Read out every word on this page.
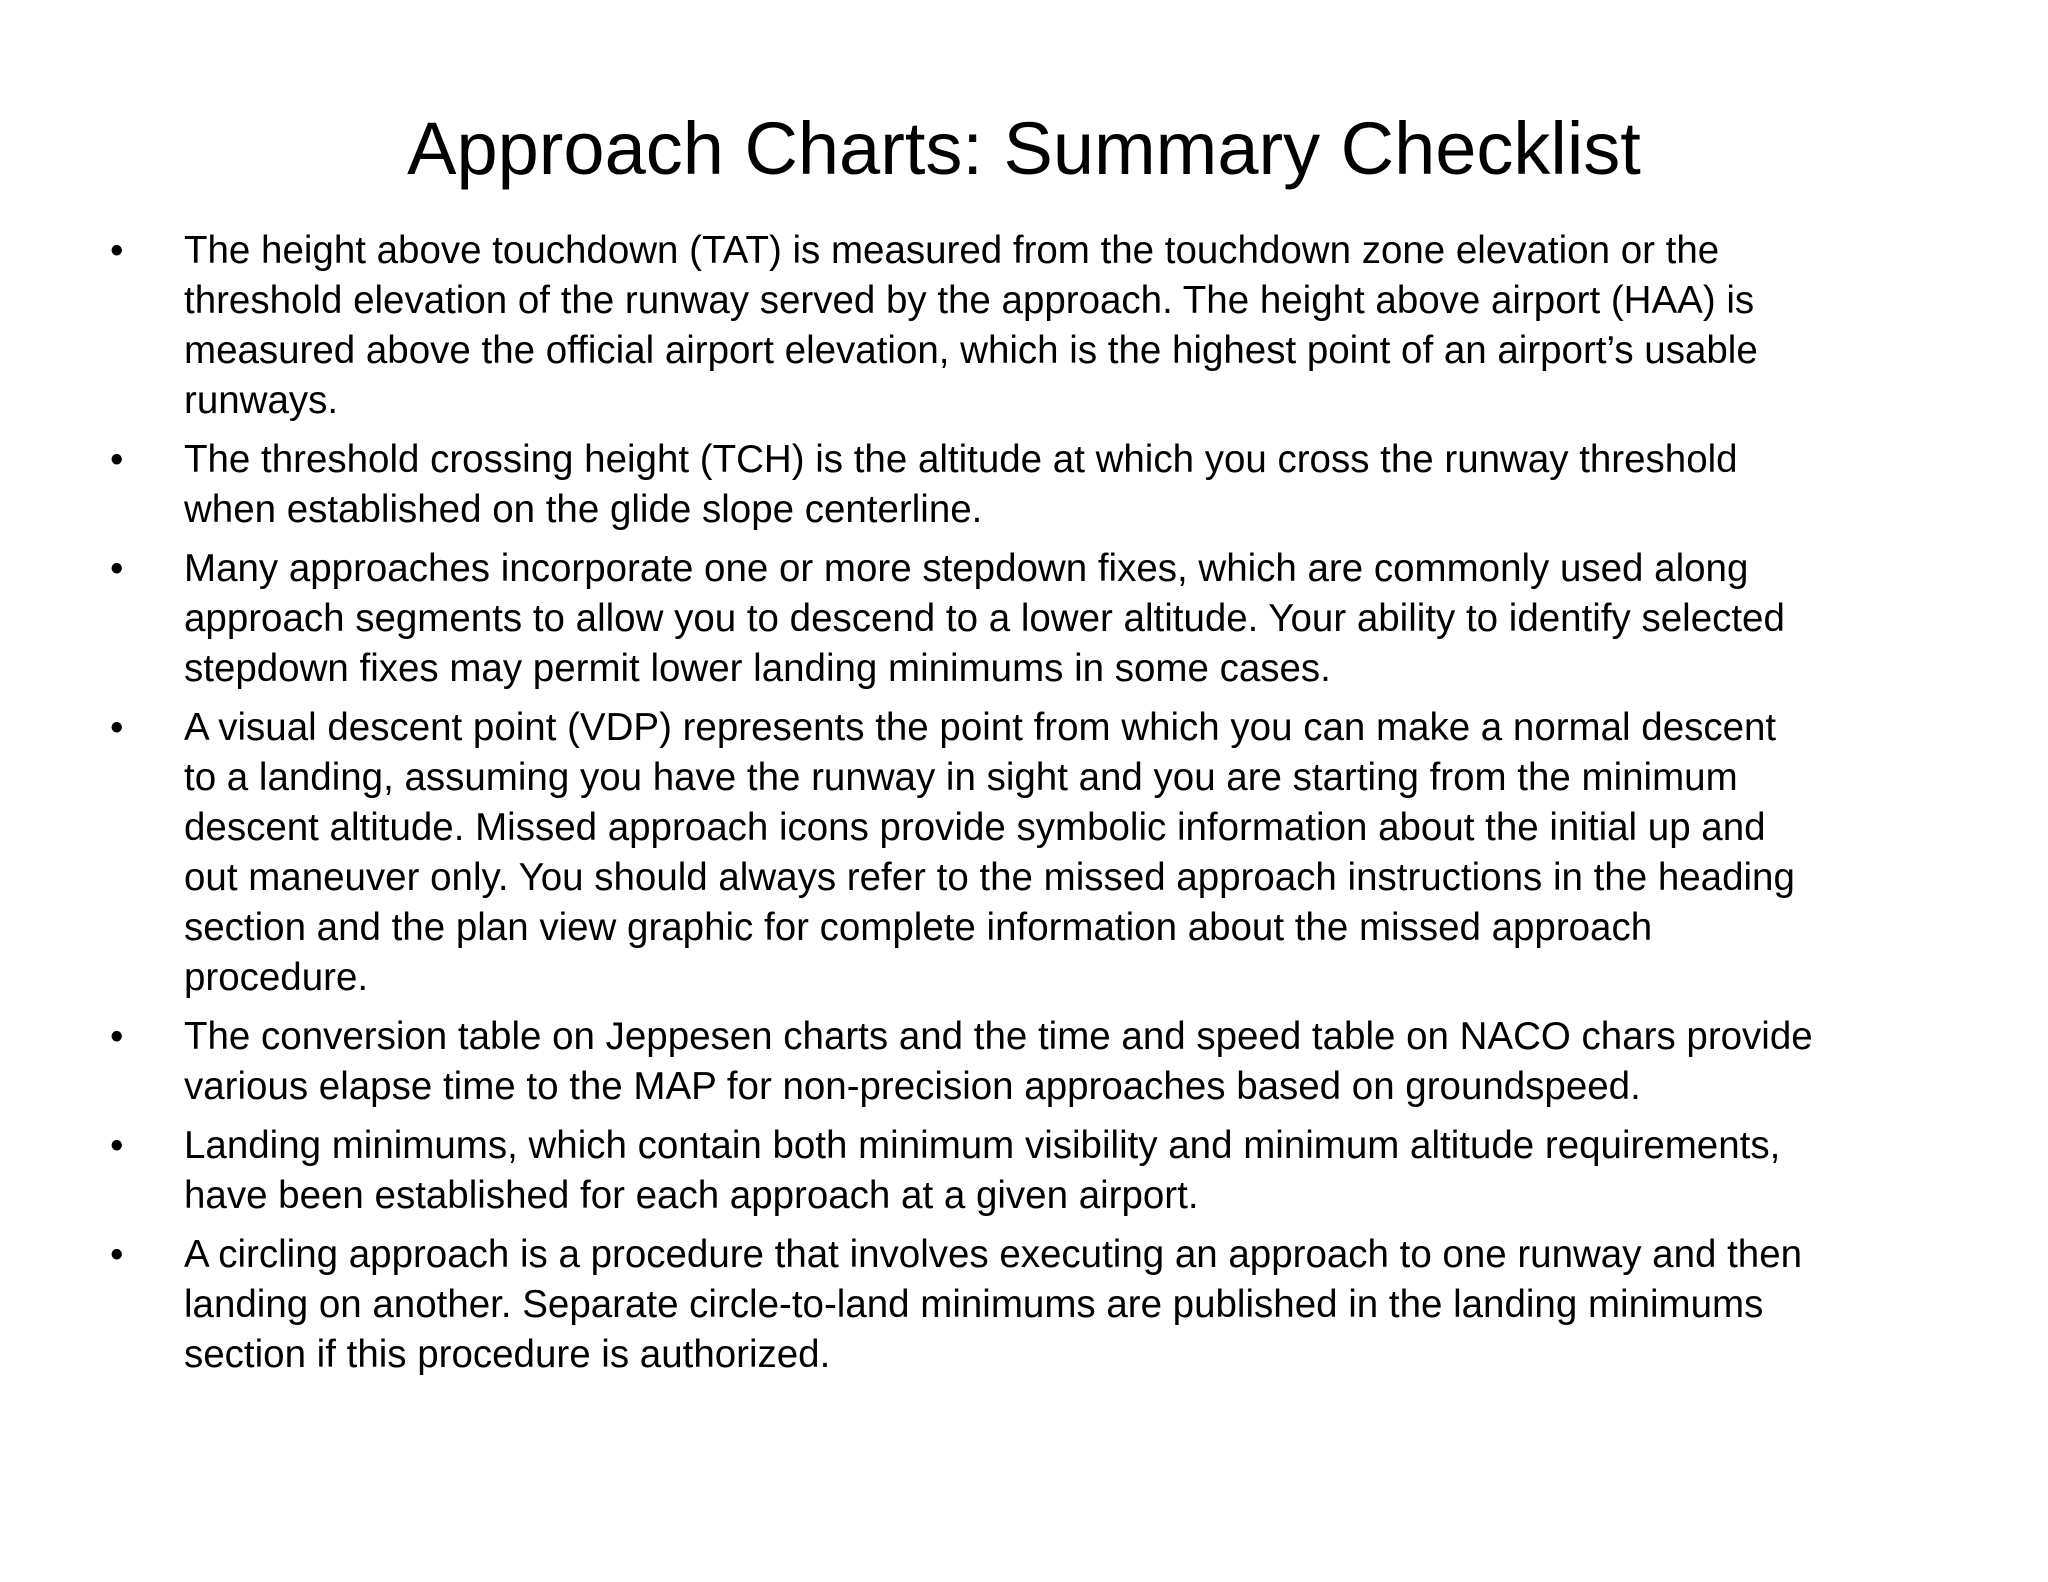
Approach Charts: Summary Checklist
•	The height above touchdown (TAT) is measured from the touchdown zone elevation or the
threshold elevation of the runway served by the approach. The height above airport (HAA) is
measured above the official airport elevation, which is the highest point of an airport’s usable
runways.
•	The threshold crossing height (TCH) is the altitude at which you cross the runway threshold
when established on the glide slope centerline.
•	Many approaches incorporate one or more stepdown fixes, which are commonly used along
approach segments to allow you to descend to a lower altitude. Your ability to identify selected
stepdown fixes may permit lower landing minimums in some cases.
•	A visual descent point (VDP) represents the point from which you can make a normal descent
to a landing, assuming you have the runway in sight and you are starting from the minimum
descent altitude. Missed approach icons provide symbolic information about the initial up and
out maneuver only. You should always refer to the missed approach instructions in the heading
section and the plan view graphic for complete information about the missed approach
procedure.
•	The conversion table on Jeppesen charts and the time and speed table on NACO chars provide
various elapse time to the MAP for non-precision approaches based on groundspeed.
•	Landing minimums, which contain both minimum visibility and minimum altitude requirements,
have been established for each approach at a given airport.
•	A circling approach is a procedure that involves executing an approach to one runway and then
landing on another. Separate circle-to-land minimums are published in the landing minimums
section if this procedure is authorized.
